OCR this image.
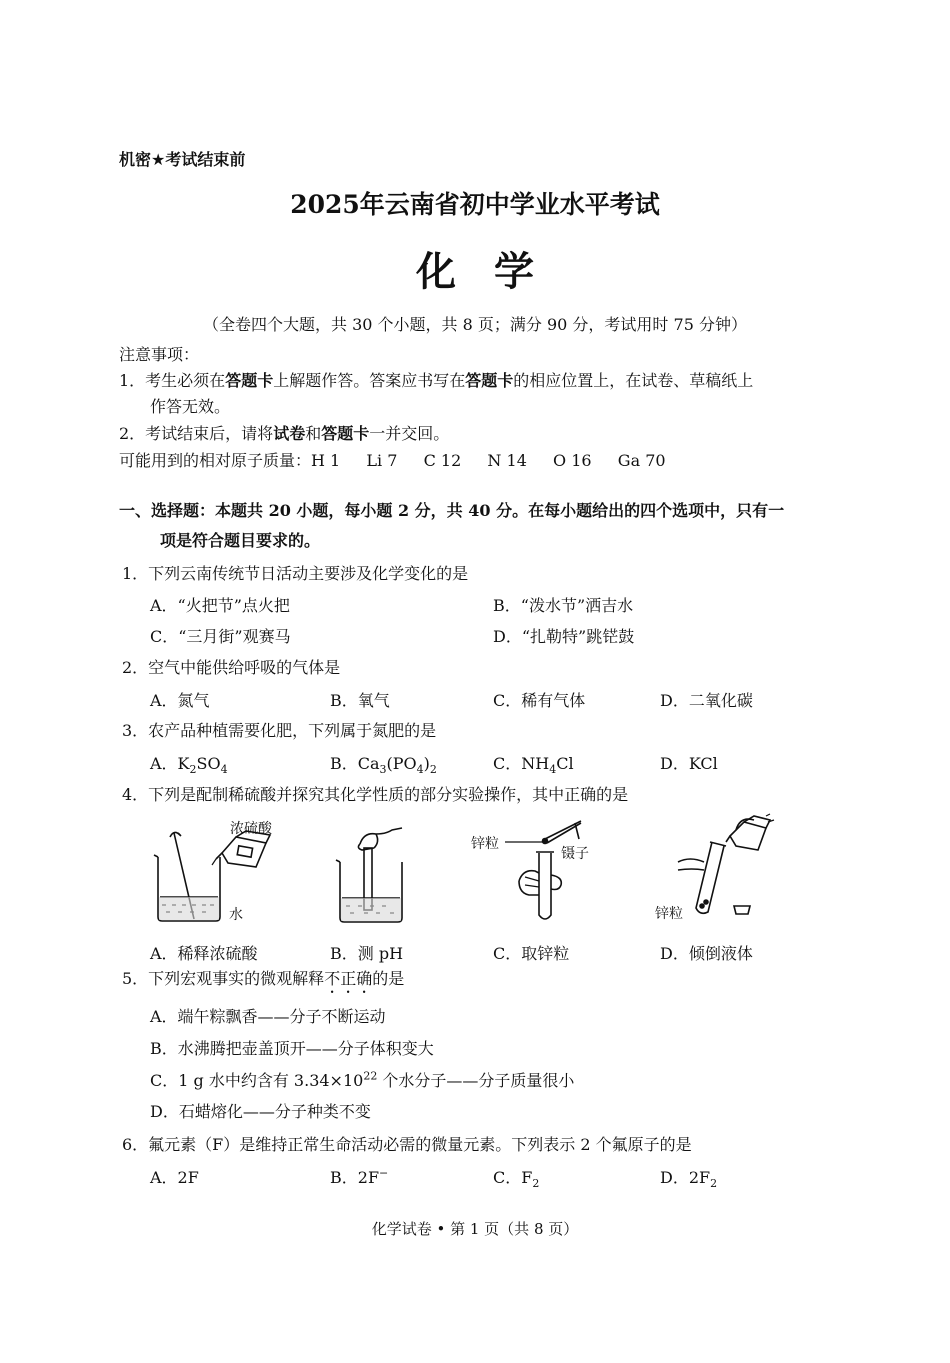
机密★考试结束前
2025年云南省初中学业水平考试
化学
（全卷四个大题，共 30 个小题，共 8 页；满分 90 分，考试用时 75 分钟）
注意事项：
1．考生必须在答题卡上解题作答。答案应书写在答题卡的相应位置上，在试卷、草稿纸上
作答无效。
2．考试结束后，请将试卷和答题卡一并交回。
可能用到的相对原子质量：H 1　  Li 7　  C 12　  N 14　  O 16　  Ga 70
一、选择题：本题共 20 小题，每小题 2 分，共 40 分。在每小题给出的四个选项中，只有一
项是符合题目要求的。
1．下列云南传统节日活动主要涉及化学变化的是
A．“火把节”点火把	B．“泼水节”洒吉水
C．“三月街”观赛马	D．“扎勒特”跳铓鼓
2．空气中能供给呼吸的气体是
A．氮气	B．氧气	C．稀有气体	D．二氧化碳
3．农产品种植需要化肥，下列属于氮肥的是
A．$K_2SO_4$	B．$Ca_3(PO_4)_2$	C．$NH_4Cl$	D．KCl
4．下列是配制稀硫酸并探究其化学性质的部分实验操作，其中正确的是
浓硫酸
水
锌粒
镊子
锌粒
A．稀释浓硫酸	B．测 pH	C．取锌粒	D．倾倒液体
5．下列宏观事实的微观解释不正确的是
A．端午粽飘香——分子不断运动
B．水沸腾把壶盖顶开——分子体积变大
C．1 g 水中约含有 $3.34\times 10^{22}$ 个水分子——分子质量很小
D．石蜡熔化——分子种类不变
6．氟元素（F）是维持正常生命活动必需的微量元素。下列表示 2 个氟原子的是
A．2F	B．2F−	C．$F_2$	D．$2F_2$
化学试卷 • 第 1 页（共 8 页）
